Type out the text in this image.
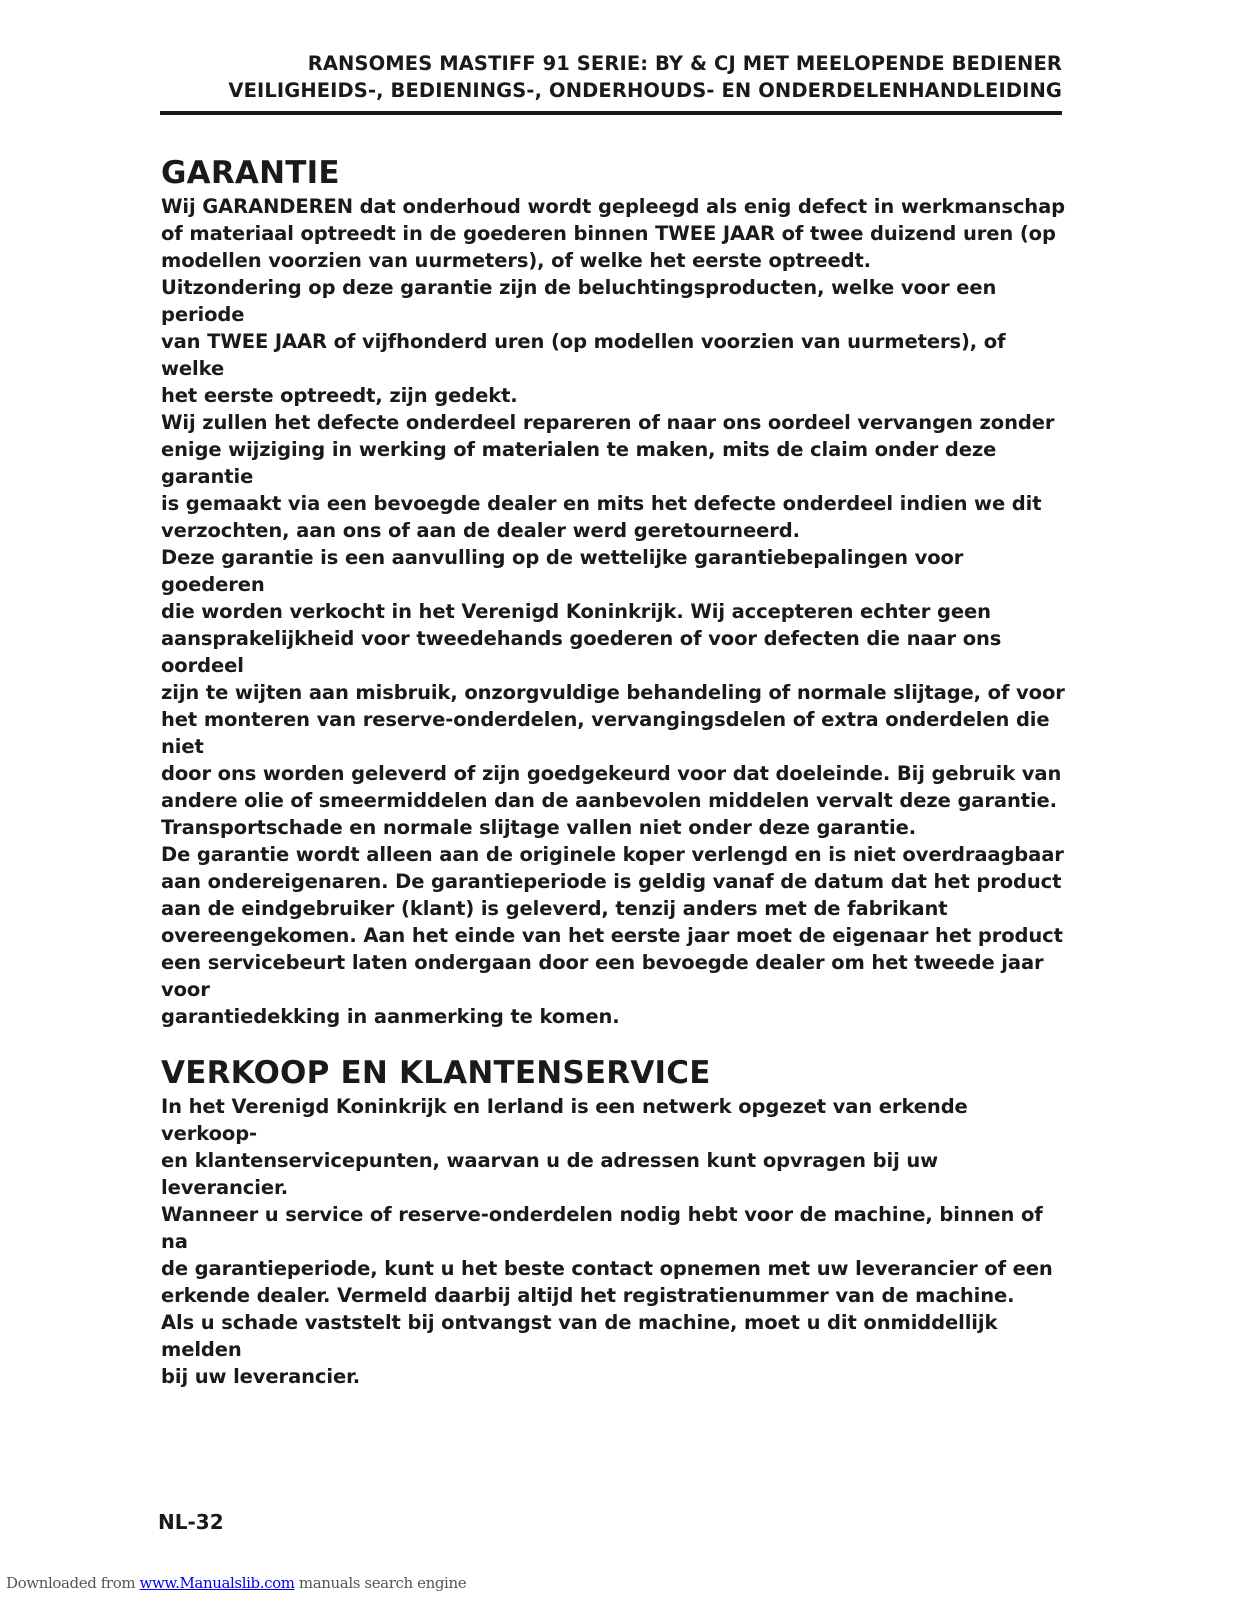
RANSOMES MASTIFF 91 SERIE: BY & CJ MET MEELOPENDE BEDIENER
VEILIGHEIDS-, BEDIENINGS-, ONDERHOUDS- EN ONDERDELENHANDLEIDING
GARANTIE
Wij GARANDEREN dat onderhoud wordt gepleegd als enig defect in werkmanschap
of materiaal optreedt in de goederen binnen TWEE JAAR of twee duizend uren (op
modellen voorzien van uurmeters), of welke het eerste optreedt.
Uitzondering op deze garantie zijn de beluchtingsproducten, welke voor een periode
van TWEE JAAR of vijfhonderd uren (op modellen voorzien van uurmeters), of welke
het eerste optreedt, zijn gedekt.
Wij zullen het defecte onderdeel repareren of naar ons oordeel vervangen zonder
enige wijziging in werking of materialen te maken, mits de claim onder deze garantie
is gemaakt via een bevoegde dealer en mits het defecte onderdeel indien we dit
verzochten, aan ons of aan de dealer werd geretourneerd.
Deze garantie is een aanvulling op de wettelijke garantiebepalingen voor goederen
die worden verkocht in het Verenigd Koninkrijk. Wij accepteren echter geen
aansprakelijkheid voor tweedehands goederen of voor defecten die naar ons oordeel
zijn te wijten aan misbruik, onzorgvuldige behandeling of normale slijtage, of voor
het monteren van reserve-onderdelen, vervangingsdelen of extra onderdelen die niet
door ons worden geleverd of zijn goedgekeurd voor dat doeleinde. Bij gebruik van
andere olie of smeermiddelen dan de aanbevolen middelen vervalt deze garantie.
Transportschade en normale slijtage vallen niet onder deze garantie.
De garantie wordt alleen aan de originele koper verlengd en is niet overdraagbaar
aan ondereigenaren. De garantieperiode is geldig vanaf de datum dat het product
aan de eindgebruiker (klant) is geleverd, tenzij anders met de fabrikant
overeengekomen. Aan het einde van het eerste jaar moet de eigenaar het product
een servicebeurt laten ondergaan door een bevoegde dealer om het tweede jaar voor
garantiedekking in aanmerking te komen.
VERKOOP EN KLANTENSERVICE
In het Verenigd Koninkrijk en Ierland is een netwerk opgezet van erkende verkoop-
en klantenservicepunten, waarvan u de adressen kunt opvragen bij uw leverancier.
Wanneer u service of reserve-onderdelen nodig hebt voor de machine, binnen of na
de garantieperiode, kunt u het beste contact opnemen met uw leverancier of een
erkende dealer. Vermeld daarbij altijd het registratienummer van de machine.
Als u schade vaststelt bij ontvangst van de machine, moet u dit onmiddellijk melden
bij uw leverancier.
NL-32
Downloaded from www.Manualslib.com manuals search engine
